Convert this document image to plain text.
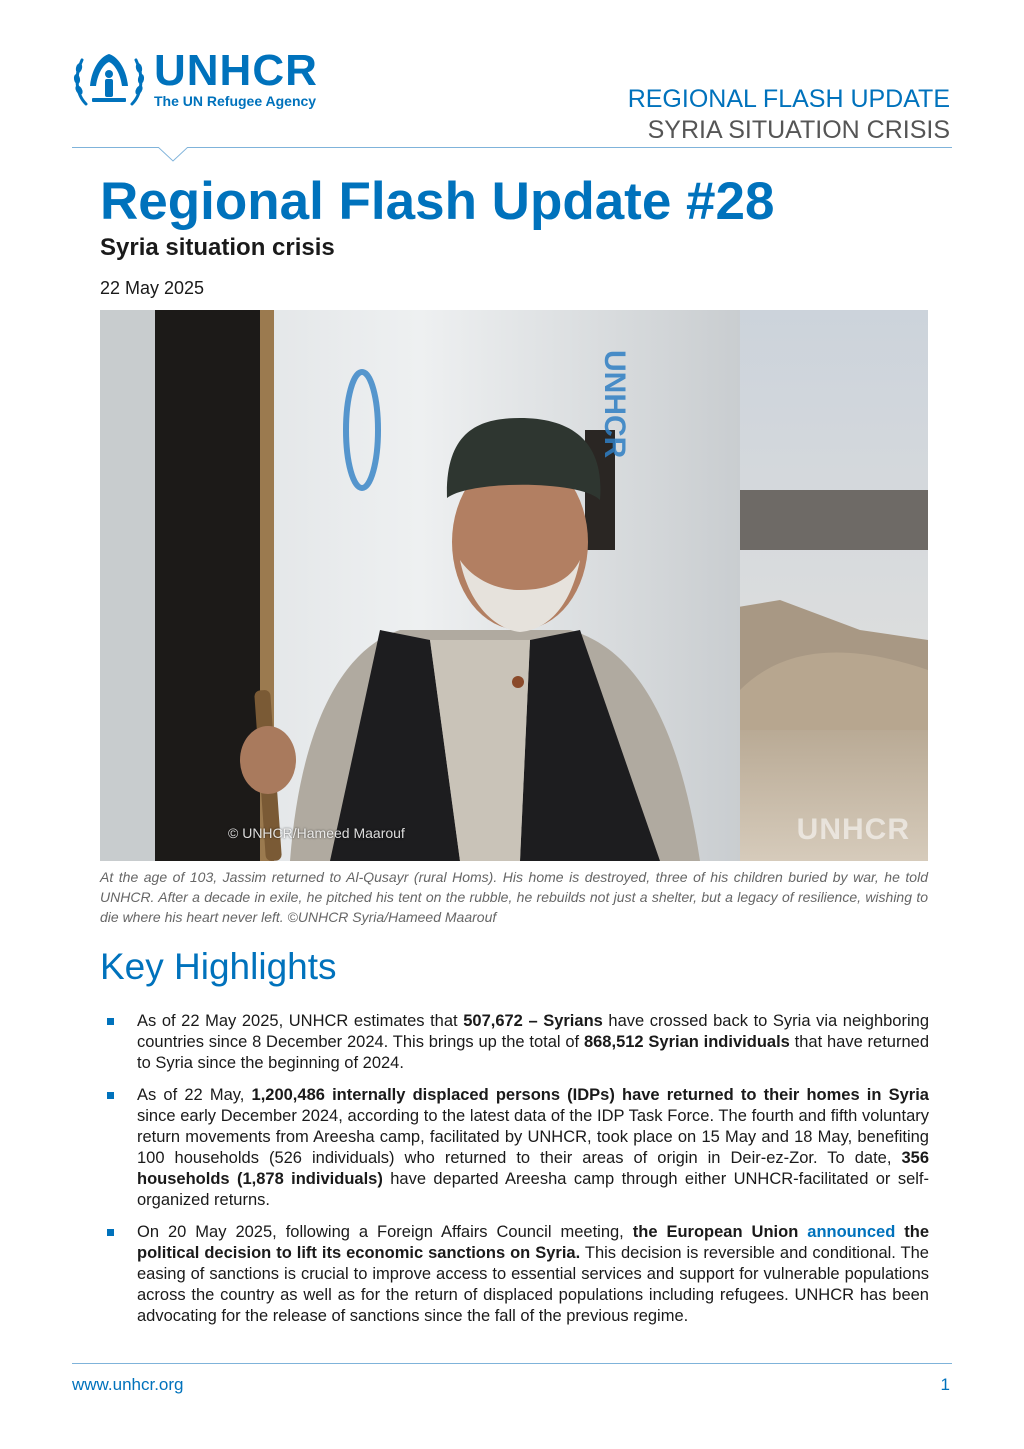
UNHCR
The UN Refugee Agency	REGIONAL FLASH UPDATE
SYRIA SITUATION CRISIS
Regional Flash Update #28
Syria situation crisis
22 May 2025
UNHCR
© UNHCR/Hameed Maarouf	UNHCR

At the age of 103, Jassim returned to Al-Qusayr (rural Homs). His home is destroyed, three of his children buried by war, he told UNHCR. After a decade in exile, he pitched his tent on the rubble, he rebuilds not just a shelter, but a legacy of resilience, wishing to die where his heart never left. ©UNHCR Syria/Hameed Maarouf

Key Highlights
As of 22 May 2025, UNHCR estimates that 507,672 – Syrians have crossed back to Syria via neighboring countries since 8 December 2024. This brings up the total of 868,512 Syrian individuals that have returned to Syria since the beginning of 2024.
As of 22 May, 1,200,486 internally displaced persons (IDPs) have returned to their homes in Syria since early December 2024, according to the latest data of the IDP Task Force. The fourth and fifth voluntary return movements from Areesha camp, facilitated by UNHCR, took place on 15 May and 18 May, benefiting 100 households (526 individuals) who returned to their areas of origin in Deir-ez-Zor. To date, 356 households (1,878 individuals) have departed Areesha camp through either UNHCR-facilitated or self-organized returns.
On 20 May 2025, following a Foreign Affairs Council meeting, the European Union announced the political decision to lift its economic sanctions on Syria. This decision is reversible and conditional. The easing of sanctions is crucial to improve access to essential services and support for vulnerable populations across the country as well as for the return of displaced populations including refugees. UNHCR has been advocating for the release of sanctions since the fall of the previous regime.
www.unhcr.org	1
